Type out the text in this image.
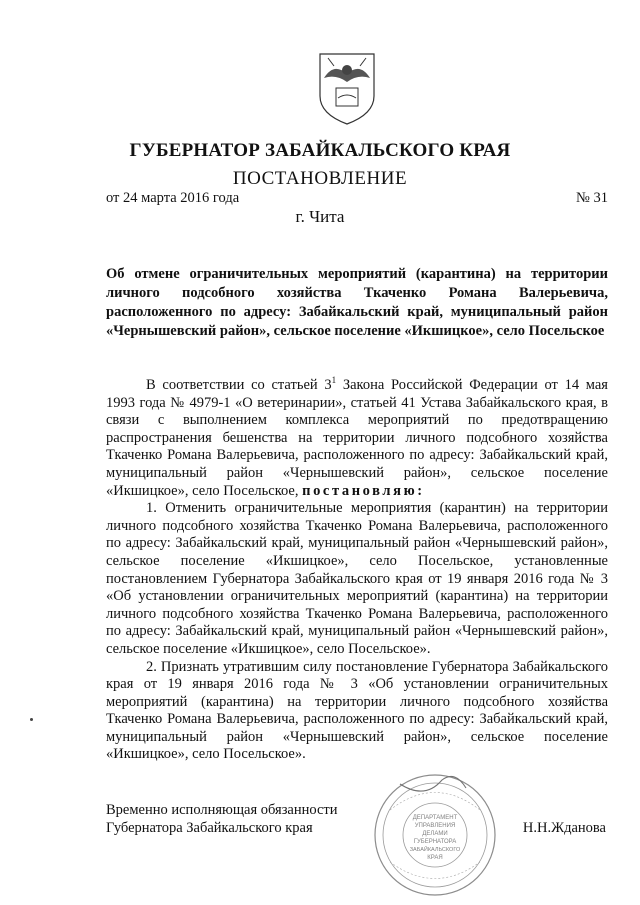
ГУБЕРНАТОР ЗАБАЙКАЛЬСКОГО КРАЯ
ПОСТАНОВЛЕНИЕ
от 24 марта 2016 года	№ 31
г. Чита
Об отмене ограничительных мероприятий (карантина) на территории личного подсобного хозяйства Ткаченко Романа Валерьевича, расположенного по адресу: Забайкальский край, муниципальный район «Чернышевский район», сельское поселение «Икшицкое», село Посельское

В соответствии со статьей $3^1$ Закона Российской Федерации от 14 мая 1993 года № 4979-1 «О ветеринарии», статьей 41 Устава Забайкальского края, в связи с выполнением комплекса мероприятий по предотвращению распространения бешенства на территории личного подсобного хозяйства Ткаченко Романа Валерьевича, расположенного по адресу: Забайкальский край, муниципальный район «Чернышевский район», сельское поселение «Икшицкое», село Посельское, постановляю:

1. Отменить ограничительные мероприятия (карантин) на территории личного подсобного хозяйства Ткаченко Романа Валерьевича, расположенного по адресу: Забайкальский край, муниципальный район «Чернышевский район», сельское поселение «Икшицкое», село Посельское, установленные постановлением Губернатора Забайкальского края от 19 января 2016 года № 3 «Об установлении ограничительных мероприятий (карантина) на территории личного подсобного хозяйства Ткаченко Романа Валерьевича, расположенного по адресу: Забайкальский край, муниципальный район «Чернышевский район», сельское поселение «Икшицкое», село Посельское».

2. Признать утратившим силу постановление Губернатора Забайкальского края от 19 января 2016 года № 3 «Об установлении ограничительных мероприятий (карантина) на территории личного подсобного хозяйства Ткаченко Романа Валерьевича, расположенного по адресу: Забайкальский край, муниципальный район «Чернышевский район», сельское поселение «Икшицкое», село Посельское».

Временно исполняющая обязанности
Губернатора Забайкальского края	Н.Н.Жданова
ДЕПАРТАМЕНТ
УПРАВЛЕНИЯ
ДЕЛАМИ
ГУБЕРНАТОРА
ЗАБАЙКАЛЬСКОГО
КРАЯ
